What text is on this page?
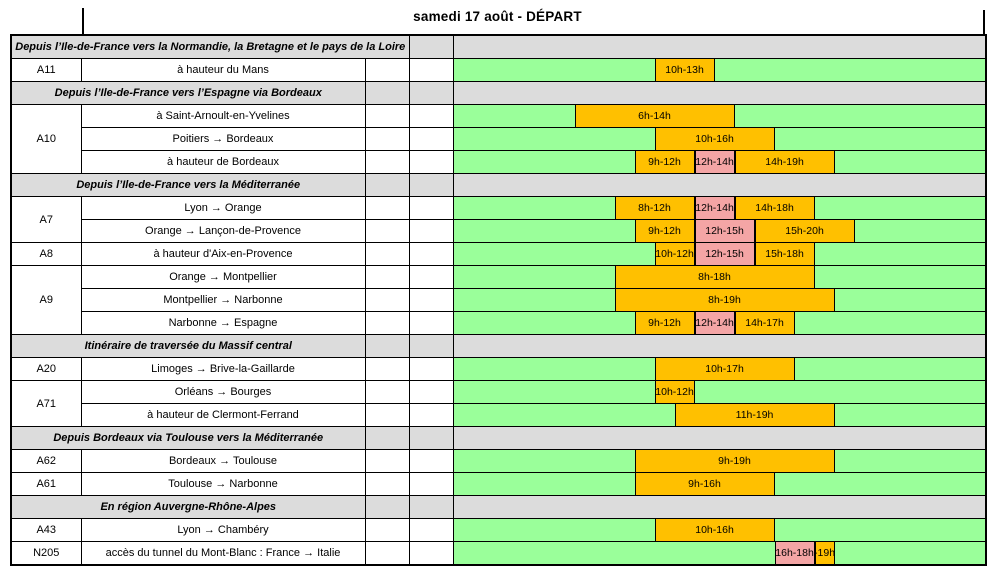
samedi 17 août - DÉPART
Depuis l’Ile-de-France vers la Normandie, la Bretagne et le pays de la Loire				
A11	à hauteur du Mans			10h-13h

Depuis l’Ile-de-France vers l’Espagne via Bordeaux				
A10	à Saint-Arnoult-en-Yvelines			6h-14h

	Poitiers → Bordeaux			10h-16h

	à hauteur de Bordeaux			9h-12h 12h-14h 14h-19h

Depuis l’Ile-de-France vers la Méditerranée				
A7	Lyon → Orange			8h-12h 12h-14h 14h-18h

	Orange → Lançon-de-Provence			9h-12h 12h-15h 15h-20h

A8	à hauteur d'Aix-en-Provence			10h-12h 12h-15h 15h-18h

A9	Orange → Montpellier			8h-18h

	Montpellier → Narbonne			8h-19h

	Narbonne → Espagne			9h-12h 12h-14h 14h-17h

Itinéraire de traversée du Massif central				
A20	Limoges → Brive-la-Gaillarde			10h-17h

A71	Orléans → Bourges			10h-12h

	à hauteur de Clermont-Ferrand			11h-19h

Depuis Bordeaux via Toulouse vers la Méditerranée				
A62	Bordeaux → Toulouse			9h-19h

A61	Toulouse → Narbonne			9h-16h

En région Auvergne-Rhône-Alpes				
A43	Lyon → Chambéry			10h-16h

N205	accès du tunnel du Mont-Blanc : France → Italie			16h-18h -19h
